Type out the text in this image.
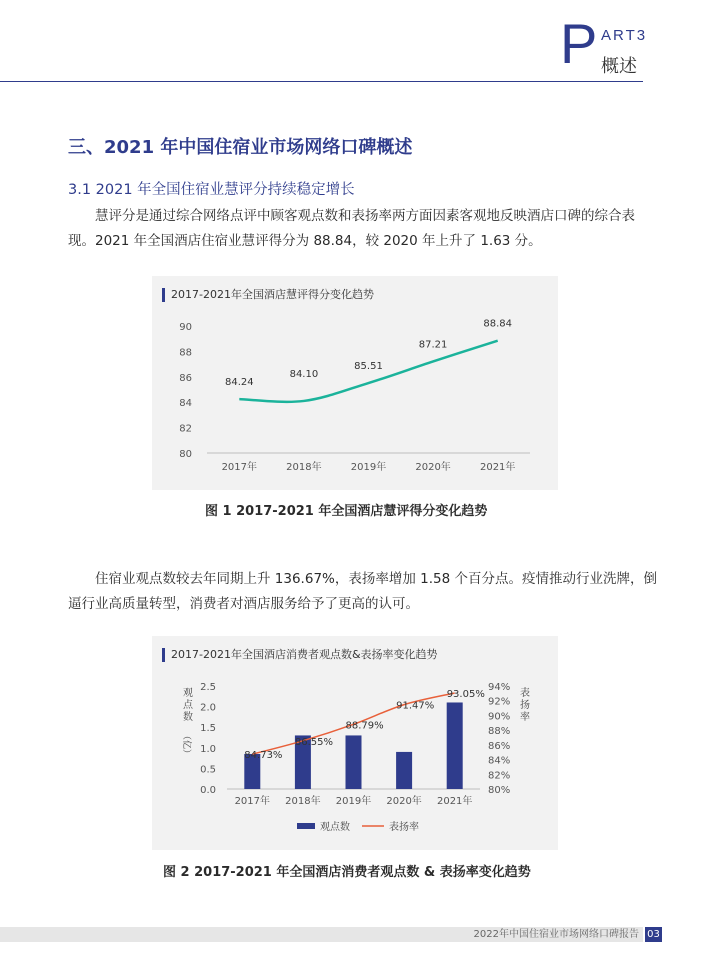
P ART3
概述
三、2021 年中国住宿业市场网络口碑概述
3.1 2021 年全国住宿业慧评分持续稳定增长
慧评分是通过综合网络点评中顾客观点数和表扬率两方面因素客观地反映酒店口碑的综合表现。2021 年全国酒店住宿业慧评得分为 88.84，较 2020 年上升了 1.63 分。
80
82
84
86
88
90
2017年	2018年	2019年	2020年	2021年
84.24
84.10
85.51
87.21
88.84
2017-2021年全国酒店慧评得分变化趋势
图 1 2017-2021 年全国酒店慧评得分变化趋势
住宿业观点数较去年同期上升 136.67%，表扬率增加 1.58 个百分点。疫情推动行业洗牌，倒逼行业高质量转型，消费者对酒店服务给予了更高的认可。
0.0
0.5
1.0
1.5
2.0
2.5
80%
82%
84%
86%
88%
90%
92%
94%
观
点
数
（亿）
表
扬
率
2017年 2018年 2019年 2020年 2021年
84.73%
86.55%
88.79%
91.47%
93.05%
观点数	表扬率
2017-2021年全国酒店消费者观点数&表扬率变化趋势
图 2 2017-2021 年全国酒店消费者观点数 & 表扬率变化趋势
2022年中国住宿业市场网络口碑报告 03
